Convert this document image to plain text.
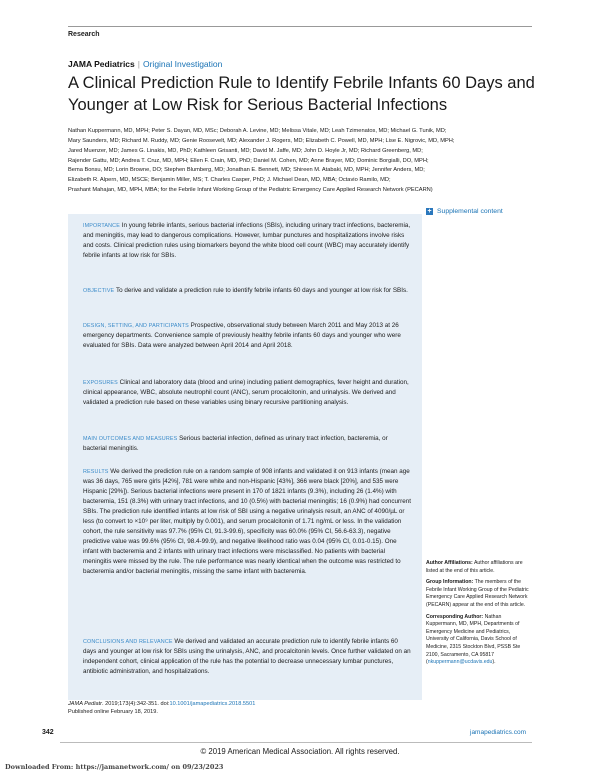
Research
JAMA Pediatrics | Original Investigation
A Clinical Prediction Rule to Identify Febrile Infants 60 Days and Younger at Low Risk for Serious Bacterial Infections
Nathan Kuppermann, MD, MPH; Peter S. Dayan, MD, MSc; Deborah A. Levine, MD; Melissa Vitale, MD; Leah Tzimenatos, MD; Michael G. Tunik, MD;
Mary Saunders, MD; Richard M. Ruddy, MD; Genie Roosevelt, MD; Alexander J. Rogers, MD; Elizabeth C. Powell, MD, MPH; Lise E. Nigrovic, MD, MPH;
Jared Muenzer, MD; James G. Linakis, MD, PhD; Kathleen Grisanti, MD; David M. Jaffe, MD; John D. Hoyle Jr, MD; Richard Greenberg, MD;
Rajender Gattu, MD; Andrea T. Cruz, MD, MPH; Ellen F. Crain, MD, PhD; Daniel M. Cohen, MD; Anne Brayer, MD; Dominic Borgialli, DO, MPH;
Bema Bonsu, MD; Lorin Browne, DO; Stephen Blumberg, MD; Jonathan E. Bennett, MD; Shireen M. Atabaki, MD, MPH; Jennifer Anders, MD;
Elizabeth R. Alpern, MD, MSCE; Benjamin Miller, MS; T. Charles Casper, PhD; J. Michael Dean, MD, MBA; Octavio Ramilo, MD;
Prashant Mahajan, MD, MPH, MBA; for the Febrile Infant Working Group of the Pediatric Emergency Care Applied Research Network (PECARN)
+ Supplemental content
IMPORTANCE In young febrile infants, serious bacterial infections (SBIs), including urinary tract infections, bacteremia, and meningitis, may lead to dangerous complications. However, lumbar punctures and hospitalizations involve risks and costs. Clinical prediction rules using biomarkers beyond the white blood cell count (WBC) may accurately identify febrile infants at low risk for SBIs.
OBJECTIVE To derive and validate a prediction rule to identify febrile infants 60 days and younger at low risk for SBIs.
DESIGN, SETTING, AND PARTICIPANTS Prospective, observational study between March 2011 and May 2013 at 26 emergency departments. Convenience sample of previously healthy febrile infants 60 days and younger who were evaluated for SBIs. Data were analyzed between April 2014 and April 2018.
EXPOSURES Clinical and laboratory data (blood and urine) including patient demographics, fever height and duration, clinical appearance, WBC, absolute neutrophil count (ANC), serum procalcitonin, and urinalysis. We derived and validated a prediction rule based on these variables using binary recursive partitioning analysis.
MAIN OUTCOMES AND MEASURES Serious bacterial infection, defined as urinary tract infection, bacteremia, or bacterial meningitis.
RESULTS We derived the prediction rule on a random sample of 908 infants and validated it on 913 infants (mean age was 36 days, 765 were girls [42%], 781 were white and non-Hispanic [43%], 366 were black [20%], and 535 were Hispanic [29%]). Serious bacterial infections were present in 170 of 1821 infants (9.3%), including 26 (1.4%) with bacteremia, 151 (8.3%) with urinary tract infections, and 10 (0.5%) with bacterial meningitis; 16 (0.9%) had concurrent SBIs. The prediction rule identified infants at low risk of SBI using a negative urinalysis result, an ANC of 4090/µL or less (to convert to ×10⁹ per liter, multiply by 0.001), and serum procalcitonin of 1.71 ng/mL or less. In the validation cohort, the rule sensitivity was 97.7% (95% CI, 91.3-99.6), specificity was 60.0% (95% CI, 56.6-63.3), negative predictive value was 99.6% (95% CI, 98.4-99.9), and negative likelihood ratio was 0.04 (95% CI, 0.01-0.15). One infant with bacteremia and 2 infants with urinary tract infections were misclassified. No patients with bacterial meningitis were missed by the rule. The rule performance was nearly identical when the outcome was restricted to bacteremia and/or bacterial meningitis, missing the same infant with bacteremia.
CONCLUSIONS AND RELEVANCE We derived and validated an accurate prediction rule to identify febrile infants 60 days and younger at low risk for SBIs using the urinalysis, ANC, and procalcitonin levels. Once further validated on an independent cohort, clinical application of the rule has the potential to decrease unnecessary lumbar punctures, antibiotic administration, and hospitalizations.
JAMA Pediatr. 2019;173(4):342-351. doi:10.1001/jamapediatrics.2018.5501
Published online February 18, 2019.

Author Affiliations: Author affiliations are listed at the end of this article.

Group Information: The members of the Febrile Infant Working Group of the Pediatric Emergency Care Applied Research Network (PECARN) appear at the end of this article.

Corresponding Author: Nathan Kuppermann, MD, MPH, Departments of Emergency Medicine and Pediatrics, University of California, Davis School of Medicine, 2315 Stockton Blvd, PSSB Ste 2100, Sacramento, CA 95817 (nkuppermann@ucdavis.edu).

342	jamapediatrics.com
© 2019 American Medical Association. All rights reserved.
Downloaded From: https://jamanetwork.com/ on 09/23/2023
